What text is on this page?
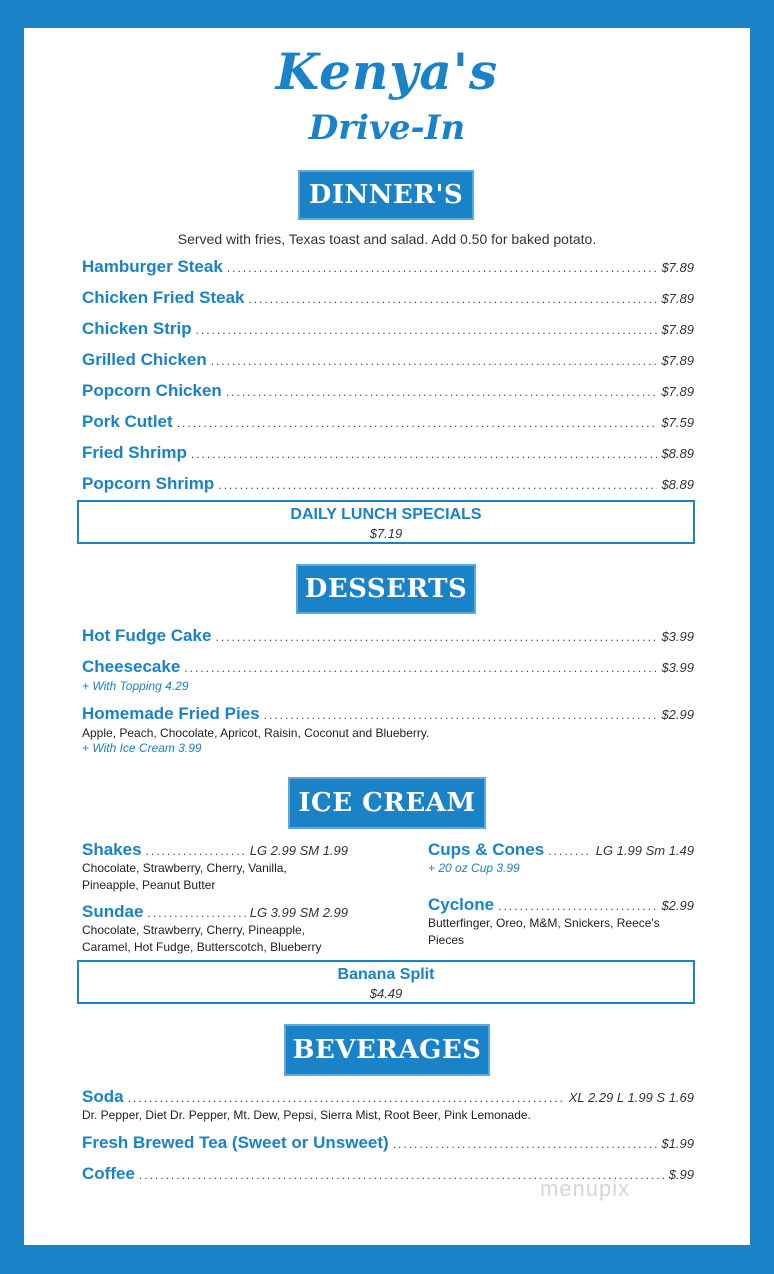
Kenya's
Drive-In
DINNER'S
Served with fries, Texas toast and salad. Add 0.50 for baked potato.
Hamburger Steak .....	$7.89
Chicken Fried Steak .....	$7.89
Chicken Strip .....	$7.89
Grilled Chicken .....	$7.89
Popcorn Chicken .....	$7.89
Pork Cutlet .....	$7.59
Fried Shrimp .....	$8.89
Popcorn Shrimp .....	$8.89
DAILY LUNCH SPECIALS
$7.19
DESSERTS
Hot Fudge Cake .....	$3.99
Cheesecake .....	$3.99
+ With Topping 4.29
Homemade Fried Pies .....	$2.99
Apple, Peach, Chocolate, Apricot, Raisin, Coconut and Blueberry.
+ With Ice Cream 3.99
ICE CREAM
Shakes .....	LG 2.99 SM 1.99
Chocolate, Strawberry, Cherry, Vanilla,
Pineapple, Peanut Butter
Sundae .....	LG 3.99 SM 2.99
Chocolate, Strawberry, Cherry, Pineapple,
Caramel, Hot Fudge, Butterscotch, Blueberry
Cups & Cones .....	LG 1.99 Sm 1.49
+ 20 oz Cup 3.99
Cyclone .....	$2.99
Butterfinger, Oreo, M&M, Snickers, Reece's
Pieces
Banana Split
$4.49
BEVERAGES
Soda .....	XL 2.29 L 1.99 S 1.69
Dr. Pepper, Diet Dr. Pepper, Mt. Dew, Pepsi, Sierra Mist, Root Beer, Pink Lemonade.
Fresh Brewed Tea (Sweet or Unsweet) .....	$1.99
Coffee .....	$.99
menupix
